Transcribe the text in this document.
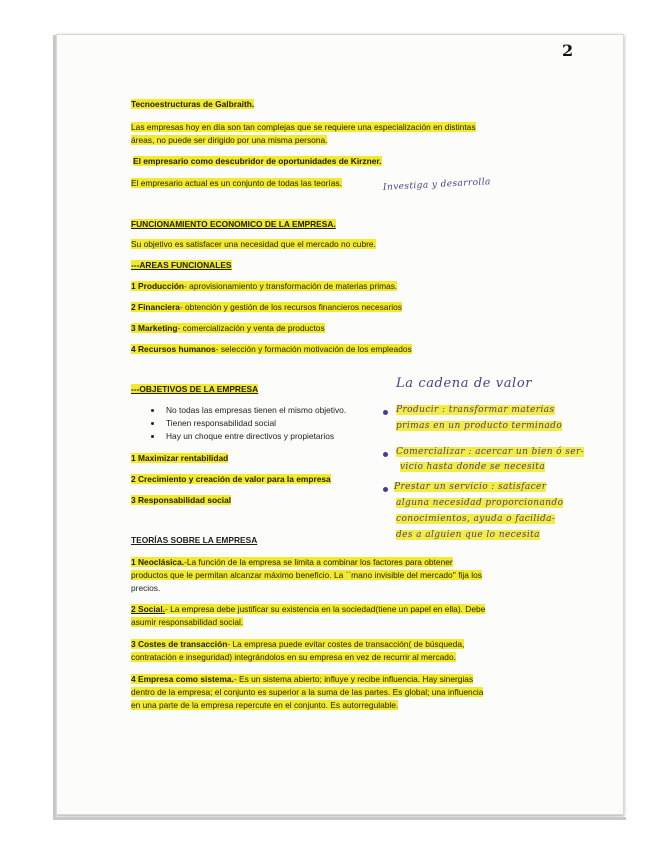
2
Tecnoestructuras de Galbraith.
Las empresas hoy en día son tan complejas que se requiere una especialización en distintas
áreas, no puede ser dirigido por una misma persona.
El empresario como descubridor de oportunidades de Kirzner.
El empresario actual es un conjunto de todas las teorías.	Investiga y desarrolla
FUNCIONAMIENTO ECONOMICO DE LA EMPRESA.
Su objetivo es satisfacer una necesidad que el mercado no cubre.
---AREAS FUNCIONALES
1 Producción- aprovisionamiento y transformación de materias primas.
2 Financiera- obtención y gestión de los recursos financieros necesarios
3 Marketing- comercialización y venta de productos
4 Recursos humanos- selección y formación motivación de los empleados
---OBJETIVOS DE LA EMPRESA
No todas las empresas tienen el mismo objetivo.
Tienen responsabilidad social
Hay un choque entre directivos y propietarios
1 Maximizar rentabilidad
2 Crecimiento y creación de valor para la empresa
3 Responsabilidad social
La cadena de valor
Producir : transformar materias
primas en un producto terminado
Comercializar : acercar un bien ó ser-
vicio hasta donde se necesita
Prestar un servicio : satisfacer
alguna necesidad proporcionando
conocimientos, ayuda o facilida-
des a alguien que lo necesita
TEORÍAS SOBRE LA EMPRESA
1 Neoclásica.-La función de la empresa se limita a combinar los factores para obtener
productos que le permitan alcanzar máximo beneficio. La ``mano invisible del mercado'' fija los
precios.
2 Social.- La empresa debe justificar su existencia en la sociedad(tiene un papel en ella). Debe
asumir responsabilidad social.
3 Costes de transacción- La empresa puede evitar costes de transacción( de búsqueda,
contratación e inseguridad) integrándolos en su empresa en vez de recurrir al mercado.
4 Empresa como sistema.- Es un sistema abierto; influye y recibe influencia. Hay sinergias
dentro de la empresa; el conjunto es superior a la suma de las partes. Es global; una influencia
en una parte de la empresa repercute en el conjunto. Es autorregulable.
